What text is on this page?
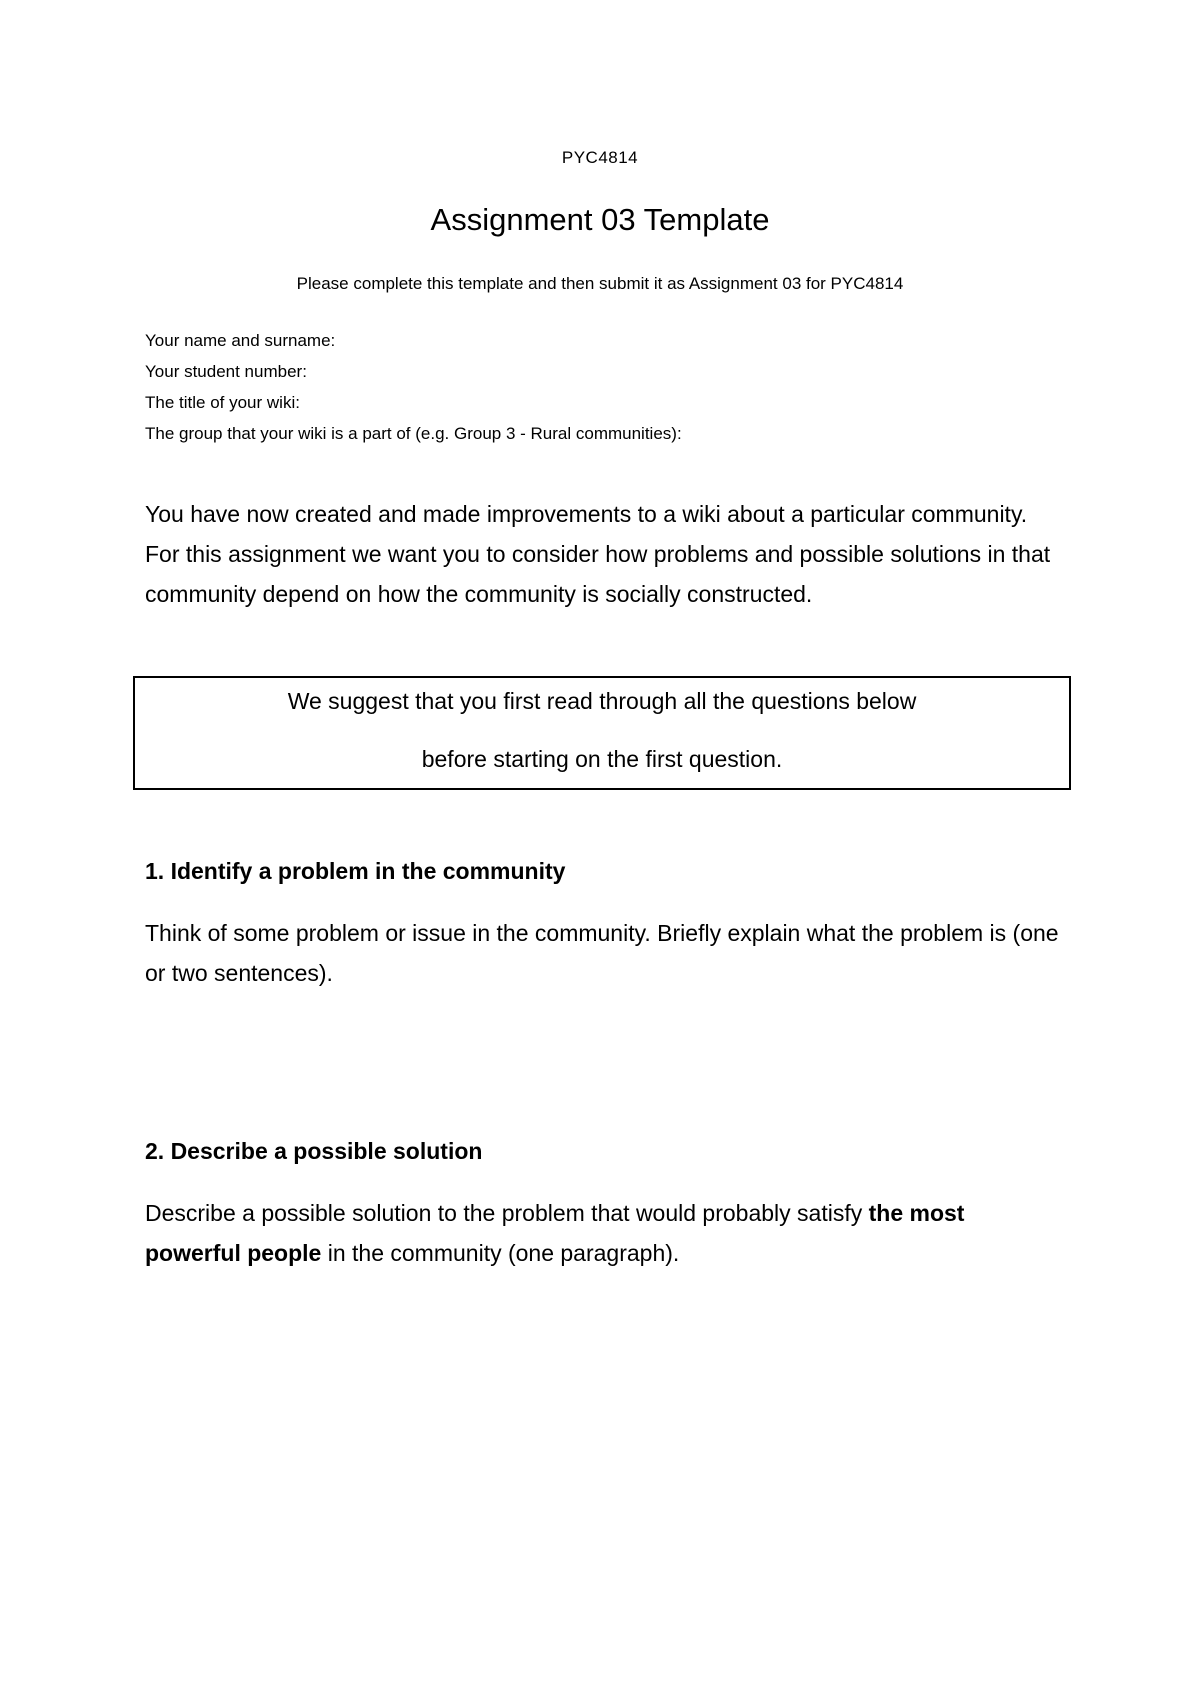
PYC4814
Assignment 03 Template
Please complete this template and then submit it as Assignment 03 for PYC4814
Your name and surname:
Your student number:
The title of your wiki:
The group that your wiki is a part of (e.g. Group 3 - Rural communities):
You have now created and made improvements to a wiki about a particular community. For this assignment we want you to consider how problems and possible solutions in that community depend on how the community is socially constructed.
We suggest that you first read through all the questions below
before starting on the first question.
1. Identify a problem in the community
Think of some problem or issue in the community. Briefly explain what the problem is (one or two sentences).
2. Describe a possible solution
Describe a possible solution to the problem that would probably satisfy the most powerful people in the community (one paragraph).
